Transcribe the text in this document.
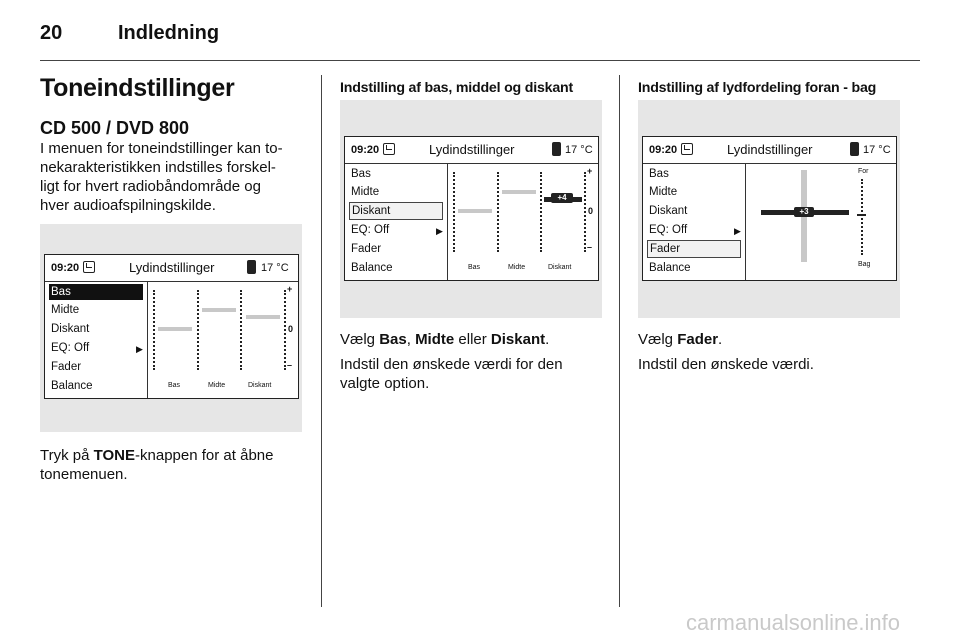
20	Indledning
Toneindstillinger
CD 500 / DVD 800
I menuen for toneindstillinger kan to-
nekarakteristikken indstilles forskel-
ligt for hvert radiobåndområde og
hver audioafspilningskilde.
09:20	Lydindstillinger	17 °C
Bas
Midte
Diskant
EQ: Off	▶
Fader
Balance
+
0
–
Bas	Midte	Diskant
Tryk på TONE-knappen for at åbne
tonemenuen.
Indstilling af bas, middel og diskant
09:20	Lydindstillinger	17 °C
Bas
Midte
Diskant
EQ: Off	▶
Fader
Balance
+4
+
0
–
Bas	Midte	Diskant
Vælg Bas, Midte eller Diskant.
Indstil den ønskede værdi for den
valgte option.
Indstilling af lydfordeling foran - bag
09:20	Lydindstillinger	17 °C
Bas
Midte
Diskant
EQ: Off	▶
Fader
Balance
+3
For
Bag
Vælg Fader.
Indstil den ønskede værdi.
carmanualsonline.info
